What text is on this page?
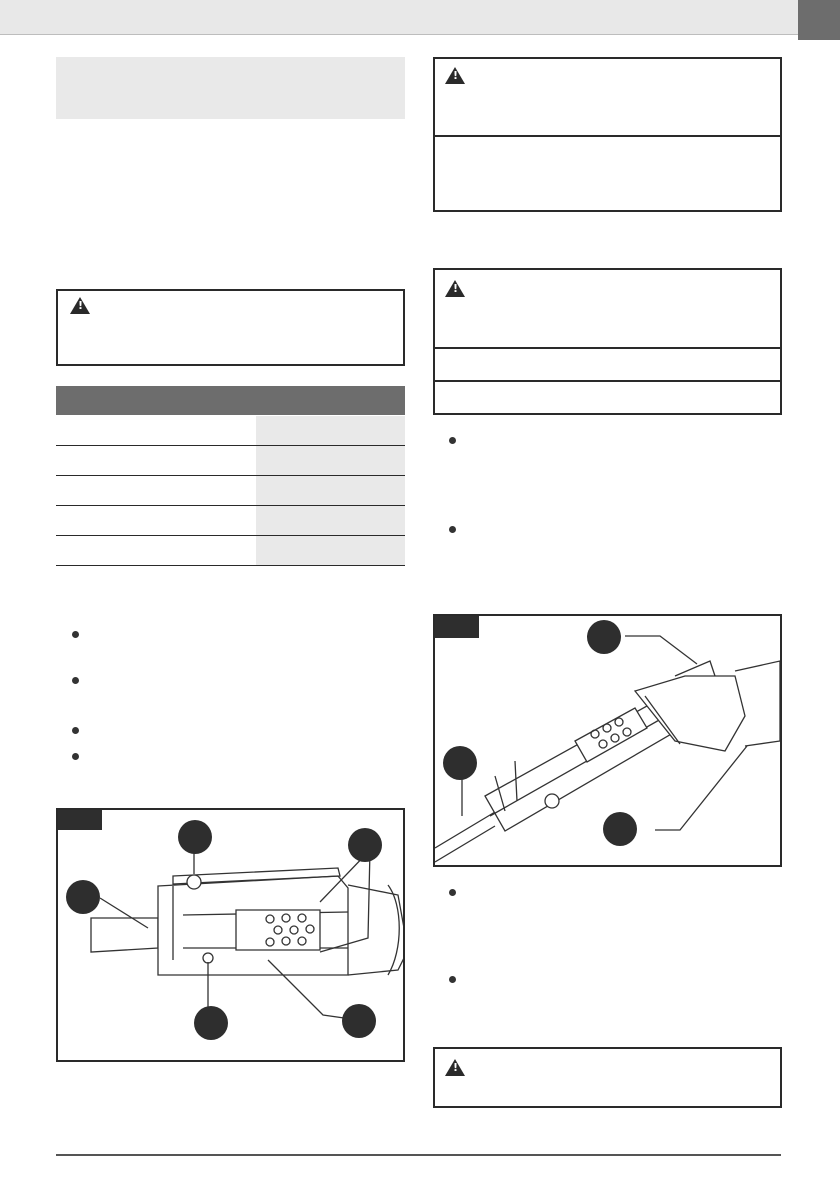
!
!
!
!
